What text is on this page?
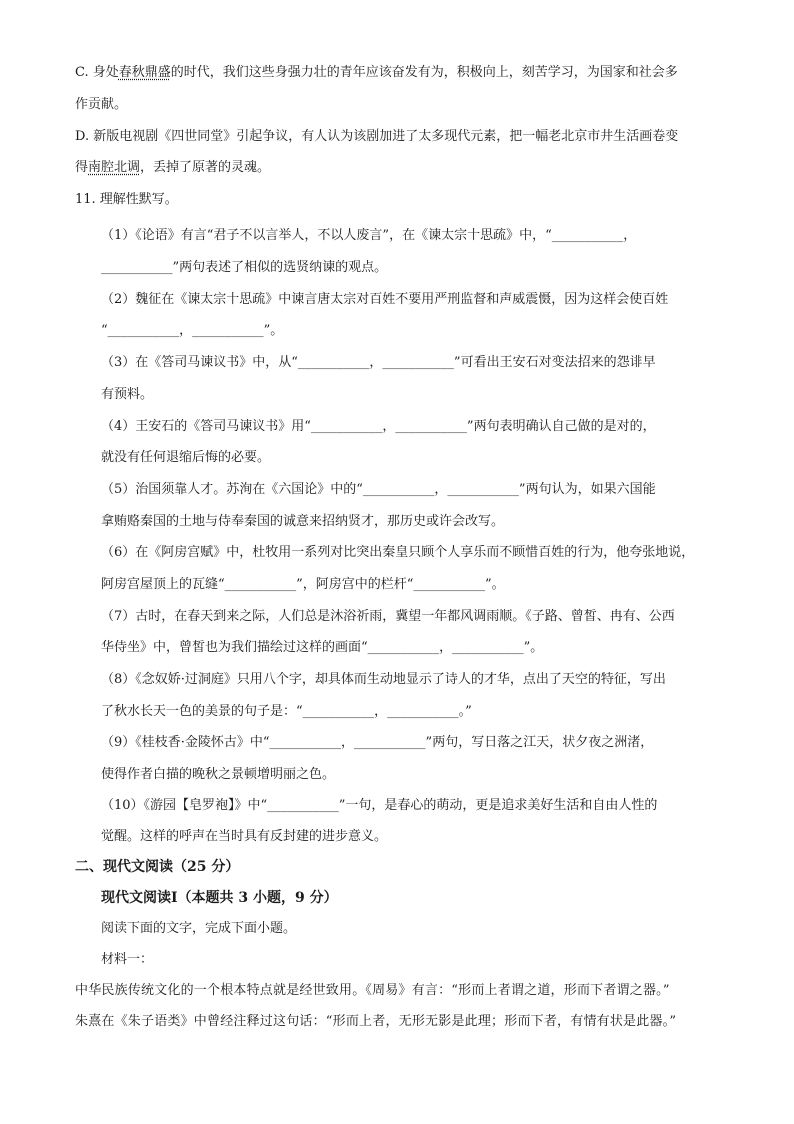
C. 身处春秋鼎盛的时代，我们这些身强力壮的青年应该奋发有为，积极向上，刻苦学习，为国家和社会多
作贡献。
D. 新版电视剧《四世同堂》引起争议，有人认为该剧加进了太多现代元素，把一幅老北京市井生活画卷变
得南腔北调，丢掉了原著的灵魂。
11. 理解性默写。
（1）《论语》有言“君子不以言举人，不以人废言”，在《谏太宗十思疏》中，“___________，
___________”两句表述了相似的选贤纳谏的观点。
（2）魏征在《谏太宗十思疏》中谏言唐太宗对百姓不要用严刑监督和声威震慑，因为这样会使百姓
“___________，___________”。
（3）在《答司马谏议书》中，从“___________，___________”可看出王安石对变法招来的怨诽早
有预料。
（4）王安石的《答司马谏议书》用“___________，___________”两句表明确认自己做的是对的，
就没有任何退缩后悔的必要。
（5）治国须靠人才。苏洵在《六国论》中的“___________，___________”两句认为，如果六国能
拿贿赂秦国的土地与侍奉秦国的诚意来招纳贤才，那历史或许会改写。
（6）在《阿房宫赋》中，杜牧用一系列对比突出秦皇只顾个人享乐而不顾惜百姓的行为，他夸张地说，
阿房宫屋顶上的瓦缝“___________”，阿房宫中的栏杆“___________”。
（7）古时，在春天到来之际，人们总是沐浴祈雨，冀望一年都风调雨顺。《子路、曾皙、冉有、公西
华侍坐》中，曾皙也为我们描绘过这样的画面“___________，___________”。
（8）《念奴娇·过洞庭》只用八个字，却具体而生动地显示了诗人的才华，点出了天空的特征，写出
了秋水长天一色的美景的句子是：“___________，___________。”
（9）《桂枝香·金陵怀古》中“___________，___________”两句，写日落之江天，状夕夜之洲渚，
使得作者白描的晚秋之景顿增明丽之色。
（10）《游园【皂罗袍】》中“___________”一句，是春心的萌动，更是追求美好生活和自由人性的
觉醒。这样的呼声在当时具有反封建的进步意义。
二、现代文阅读（25 分）
现代文阅读Ⅰ（本题共 3 小题，9 分）
阅读下面的文字，完成下面小题。
材料一：
中华民族传统文化的一个根本特点就是经世致用。《周易》有言：“形而上者谓之道，形而下者谓之器。”
朱熹在《朱子语类》中曾经注释过这句话：“形而上者，无形无影是此理；形而下者，有情有状是此器。”
